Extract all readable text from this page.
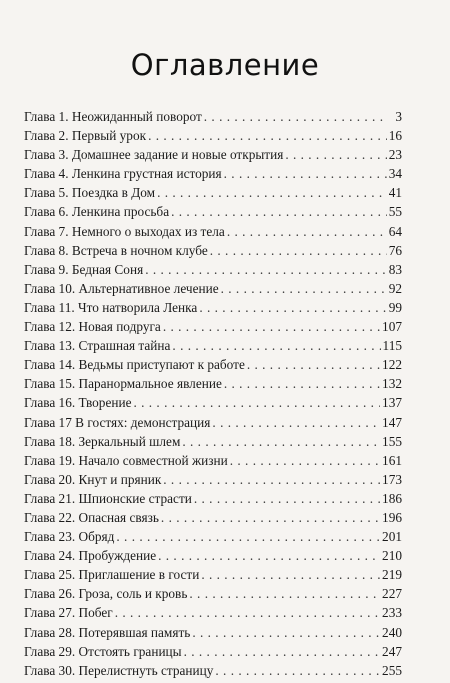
Оглавление
Глава 1. Неожиданный поворот . . .	3
Глава 2. Первый урок . . .	16
Глава 3. Домашнее задание и новые открытия . . .	23
Глава 4. Ленкина грустная история . . .	34
Глава 5. Поездка в Дом . . .	41
Глава 6. Ленкина просьба . . .	55
Глава 7. Немного о выходах из тела . . .	64
Глава 8. Встреча в ночном клубе . . .	76
Глава 9. Бедная Соня . . .	83
Глава 10. Альтернативное лечение . . .	92
Глава 11. Что натворила Ленка . . .	99
Глава 12. Новая подруга . . .	107
Глава 13. Страшная тайна . . .	115
Глава 14. Ведьмы приступают к работе . . .	122
Глава 15. Паранормальное явление . . .	132
Глава 16. Творение . . .	137
Глава 17 В гостях: демонстрация . . .	147
Глава 18. Зеркальный шлем . . .	155
Глава 19. Начало совместной жизни . . .	161
Глава 20. Кнут и пряник . . .	173
Глава 21. Шпионские страсти . . .	186
Глава 22. Опасная связь . . .	196
Глава 23. Обряд . . .	201
Глава 24. Пробуждение . . .	210
Глава 25. Приглашение в гости . . .	219
Глава 26. Гроза, соль и кровь . . .	227
Глава 27. Побег . . .	233
Глава 28. Потерявшая память . . .	240
Глава 29. Отстоять границы . . .	247
Глава 30. Перелистнуть страницу . . .	255
